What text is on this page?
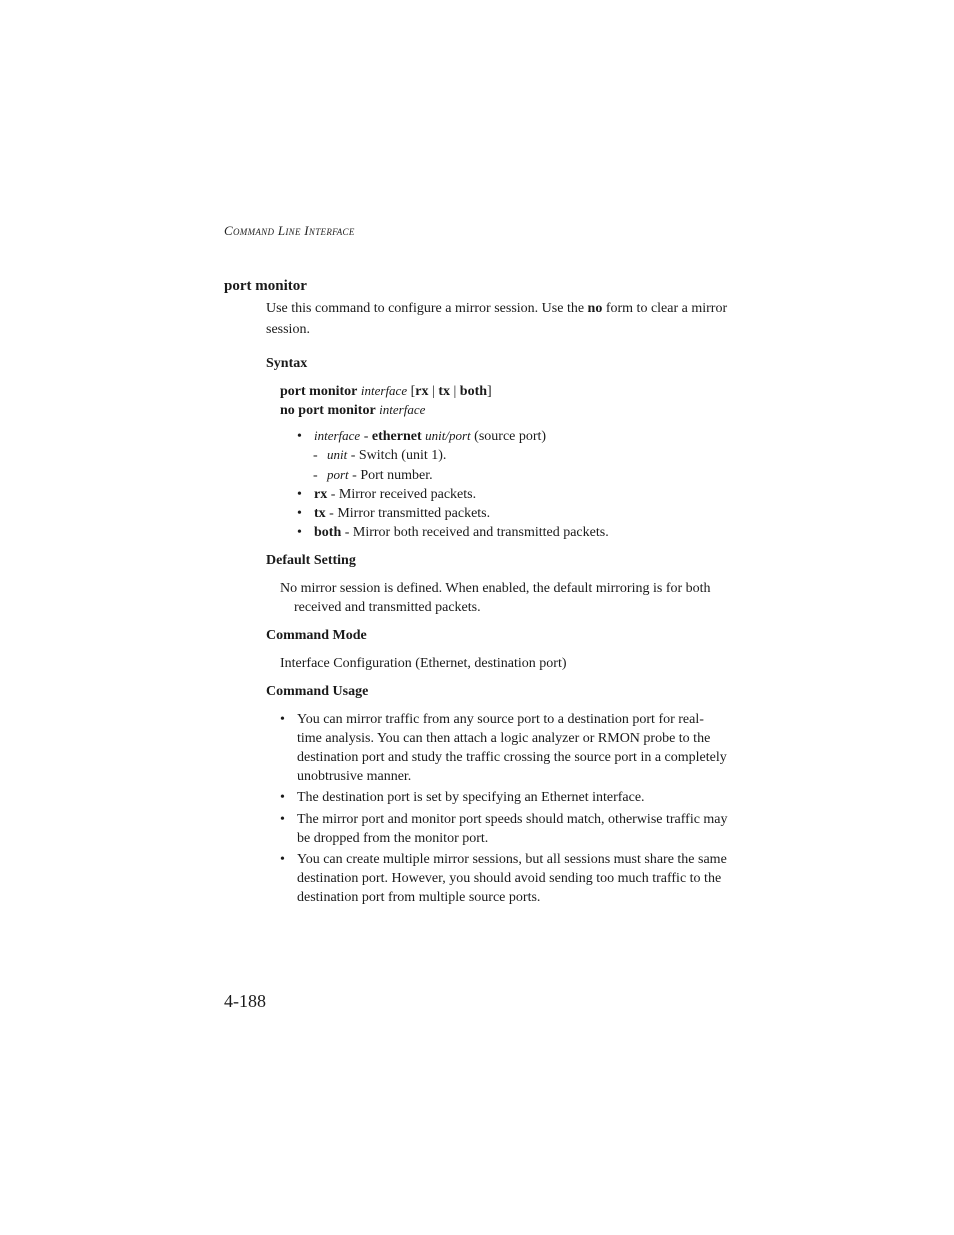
Command Line Interface
port monitor
Use this command to configure a mirror session. Use the no form to clear a mirror session.
Syntax
port monitor interface [rx | tx | both]
no port monitor interface
• interface - ethernet unit/port (source port)
- unit - Switch (unit 1).
- port - Port number.
• rx - Mirror received packets.
• tx - Mirror transmitted packets.
• both - Mirror both received and transmitted packets.
Default Setting
No mirror session is defined. When enabled, the default mirroring is for both received and transmitted packets.
Command Mode
Interface Configuration (Ethernet, destination port)
Command Usage
• You can mirror traffic from any source port to a destination port for real-time analysis. You can then attach a logic analyzer or RMON probe to the destination port and study the traffic crossing the source port in a completely unobtrusive manner.
• The destination port is set by specifying an Ethernet interface.
• The mirror port and monitor port speeds should match, otherwise traffic may be dropped from the monitor port.
• You can create multiple mirror sessions, but all sessions must share the same destination port. However, you should avoid sending too much traffic to the destination port from multiple source ports.
4-188
